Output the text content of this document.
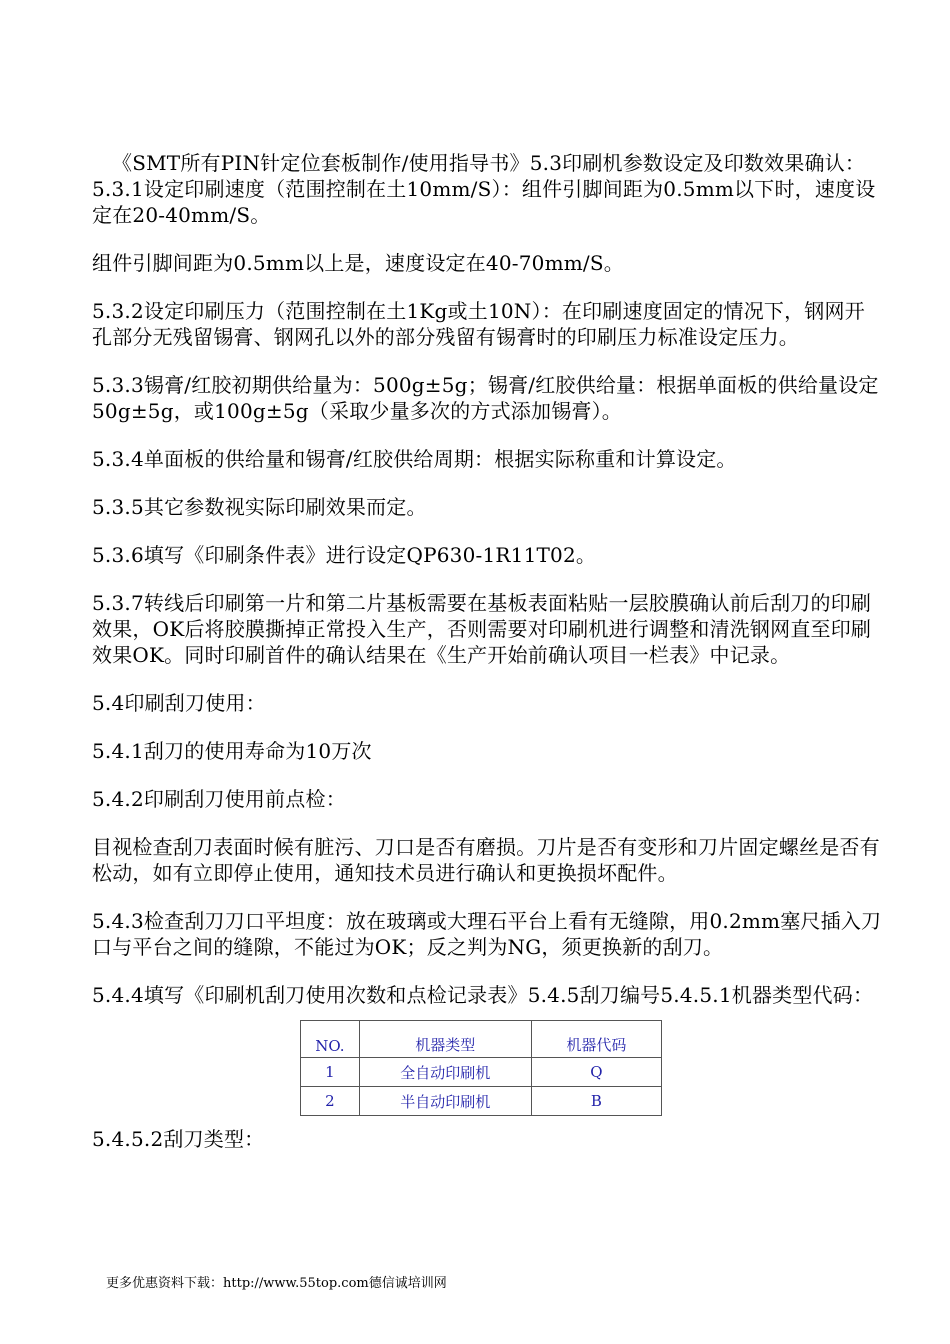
《SMT所有PIN针定位套板制作/使用指导书》5.3印刷机参数设定及印数效果确认：5.3.1设定印刷速度（范围控制在土10mm/S）：组件引脚间距为0.5mm以下时，速度设定在20-40mm/S。

组件引脚间距为0.5mm以上是，速度设定在40-70mm/S。

5.3.2设定印刷压力（范围控制在土1Kg或土10N）：在印刷速度固定的情况下，钢网开孔部分无残留锡膏、钢网孔以外的部分残留有锡膏时的印刷压力标准设定压力。

5.3.3锡膏/红胶初期供给量为：500g±5g；锡膏/红胶供给量：根据单面板的供给量设定50g±5g，或100g±5g（采取少量多次的方式添加锡膏）。

5.3.4单面板的供给量和锡膏/红胶供给周期：根据实际称重和计算设定。

5.3.5其它参数视实际印刷效果而定。

5.3.6填写《印刷条件表》进行设定QP630-1R11T02。

5.3.7转线后印刷第一片和第二片基板需要在基板表面粘贴一层胶膜确认前后刮刀的印刷效果，OK后将胶膜撕掉正常投入生产，否则需要对印刷机进行调整和清洗钢网直至印刷效果OK。同时印刷首件的确认结果在《生产开始前确认项目一栏表》中记录。

5.4印刷刮刀使用：

5.4.1刮刀的使用寿命为10万次

5.4.2印刷刮刀使用前点检：

目视检查刮刀表面时候有脏污、刀口是否有磨损。刀片是否有变形和刀片固定螺丝是否有松动，如有立即停止使用，通知技术员进行确认和更换损坏配件。

5.4.3检查刮刀刀口平坦度：放在玻璃或大理石平台上看有无缝隙，用0.2mm塞尺插入刀口与平台之间的缝隙，不能过为OK；反之判为NG，须更换新的刮刀。

5.4.4填写《印刷机刮刀使用次数和点检记录表》5.4.5刮刀编号5.4.5.1机器类型代码：

NO.	机器类型	机器代码
1	全自动印刷机	Q
2	半自动印刷机	B

5.4.5.2刮刀类型：

更多优惠资料下载：http://www.55top.com德信诚培训网
